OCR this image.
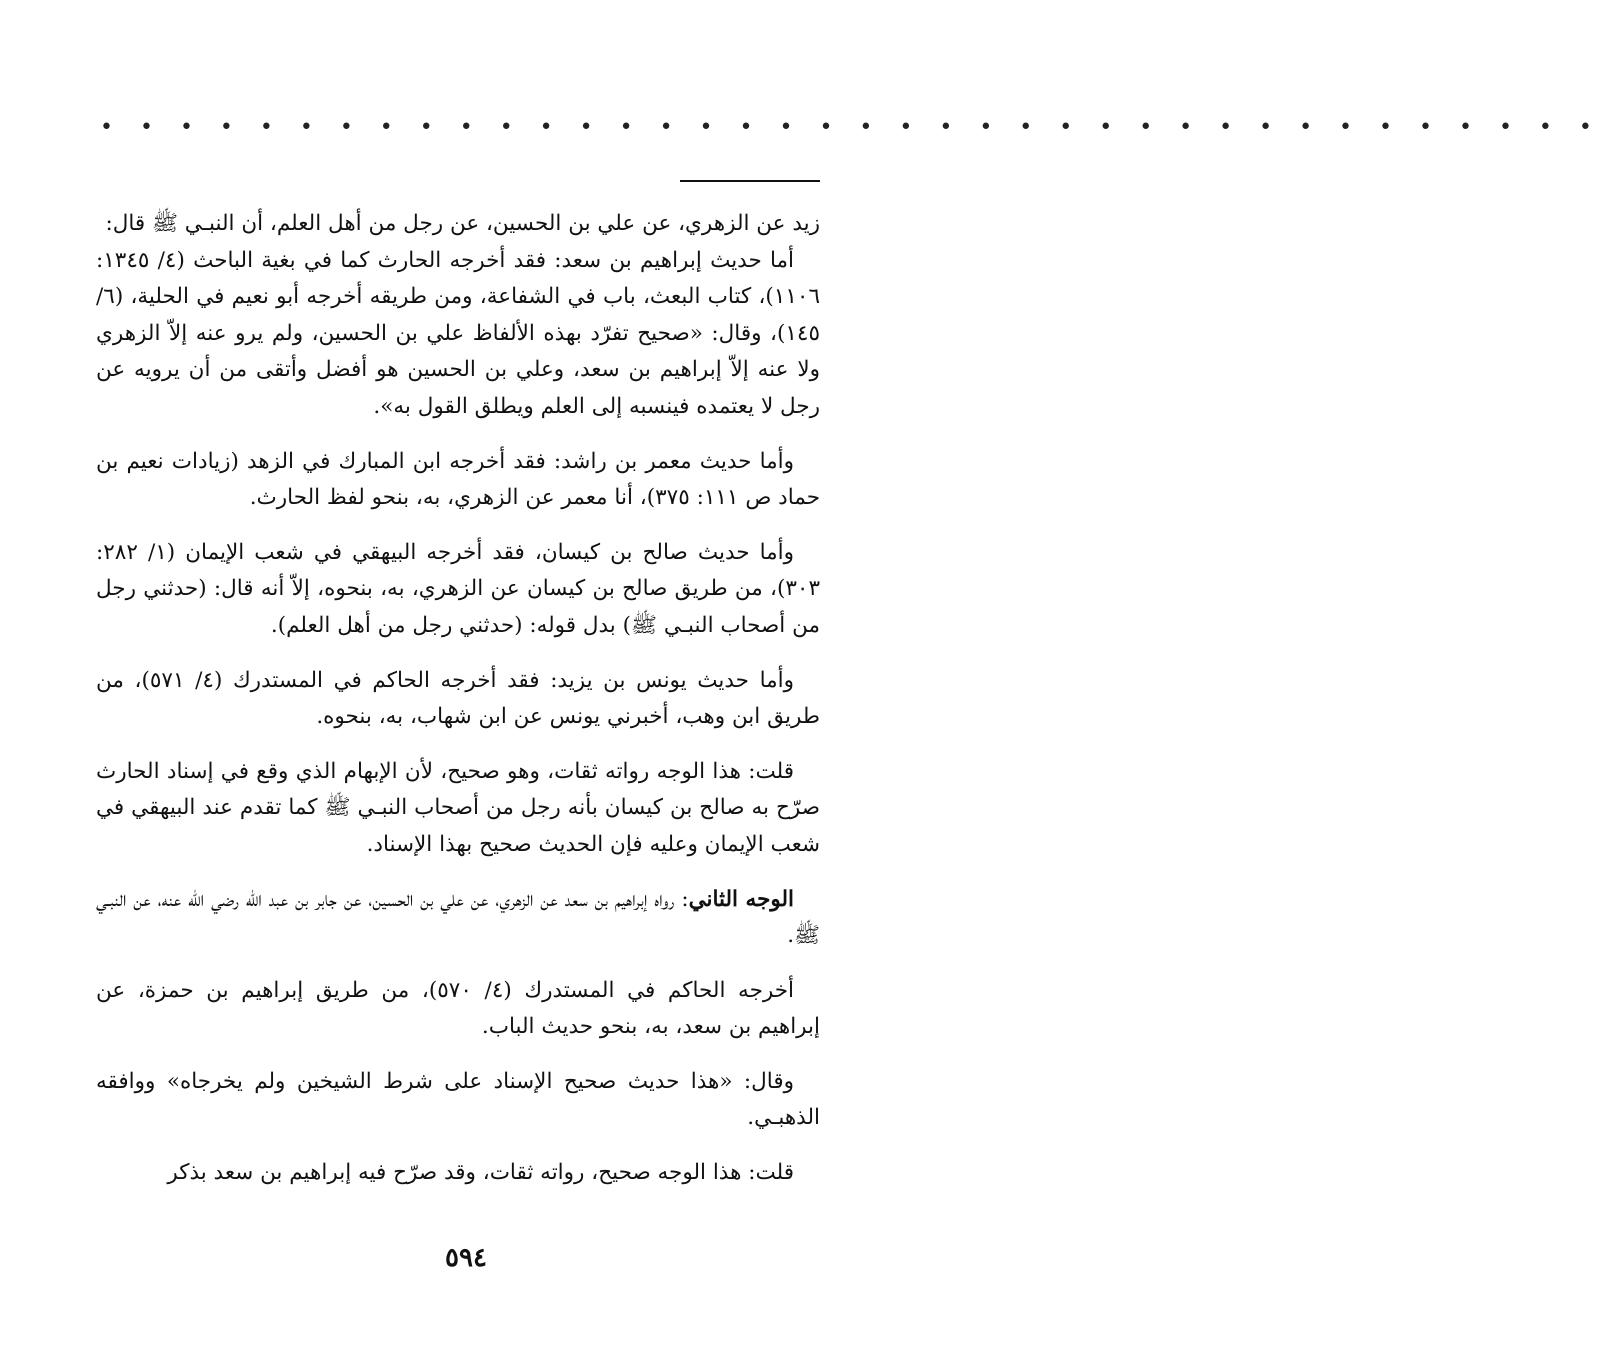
• • • • • • • • • • • • • • • • • • • • • • • • • • • • • • • • • • • • • •

زيد عن الزهري، عن علي بن الحسين، عن رجل من أهل العلم، أن النبـي ﷺ قال:

أما حديث إبراهيم بن سعد: فقد أخرجه الحارث كما في بغية الباحث (٤/ ١٣٤٥: ١١٠٦)، كتاب البعث، باب في الشفاعة، ومن طريقه أخرجه أبو نعيم في الحلية، (٦/ ١٤٥)، وقال: «صحيح تفرّد بهذه الألفاظ علي بن الحسين، ولم يرو عنه إلاّ الزهري ولا عنه إلاّ إبراهيم بن سعد، وعلي بن الحسين هو أفضل وأتقى من أن يرويه عن رجل لا يعتمده فينسبه إلى العلم ويطلق القول به».

وأما حديث معمر بن راشد: فقد أخرجه ابن المبارك في الزهد (زيادات نعيم بن حماد ص ١١١: ٣٧٥)، أنا معمر عن الزهري، به، بنحو لفظ الحارث.

وأما حديث صالح بن كيسان، فقد أخرجه البيهقي في شعب الإيمان (١/ ٢٨٢: ٣٠٣)، من طريق صالح بن كيسان عن الزهري، به، بنحوه، إلاّ أنه قال: (حدثني رجل من أصحاب النبـي ﷺ) بدل قوله: (حدثني رجل من أهل العلم).

وأما حديث يونس بن يزيد: فقد أخرجه الحاكم في المستدرك (٤/ ٥٧١)، من طريق ابن وهب، أخبرني يونس عن ابن شهاب، به، بنحوه.

قلت: هذا الوجه رواته ثقات، وهو صحيح، لأن الإبهام الذي وقع في إسناد الحارث صرّح به صالح بن كيسان بأنه رجل من أصحاب النبـي ﷺ كما تقدم عند البيهقي في شعب الإيمان وعليه فإن الحديث صحيح بهذا الإسناد.

الوجه الثاني: رواه إبراهيم بن سعد عن الزهري، عن علي بن الحسين، عن جابر بن عبد الله رضي الله عنه، عن النبـي ﷺ.

أخرجه الحاكم في المستدرك (٤/ ٥٧٠)، من طريق إبراهيم بن حمزة، عن إبراهيم بن سعد، به، بنحو حديث الباب.

وقال: «هذا حديث صحيح الإسناد على شرط الشيخين ولم يخرجاه» ووافقه الذهبـي.

قلت: هذا الوجه صحيح، رواته ثقات، وقد صرّح فيه إبراهيم بن سعد بذكر

٥٩٤
